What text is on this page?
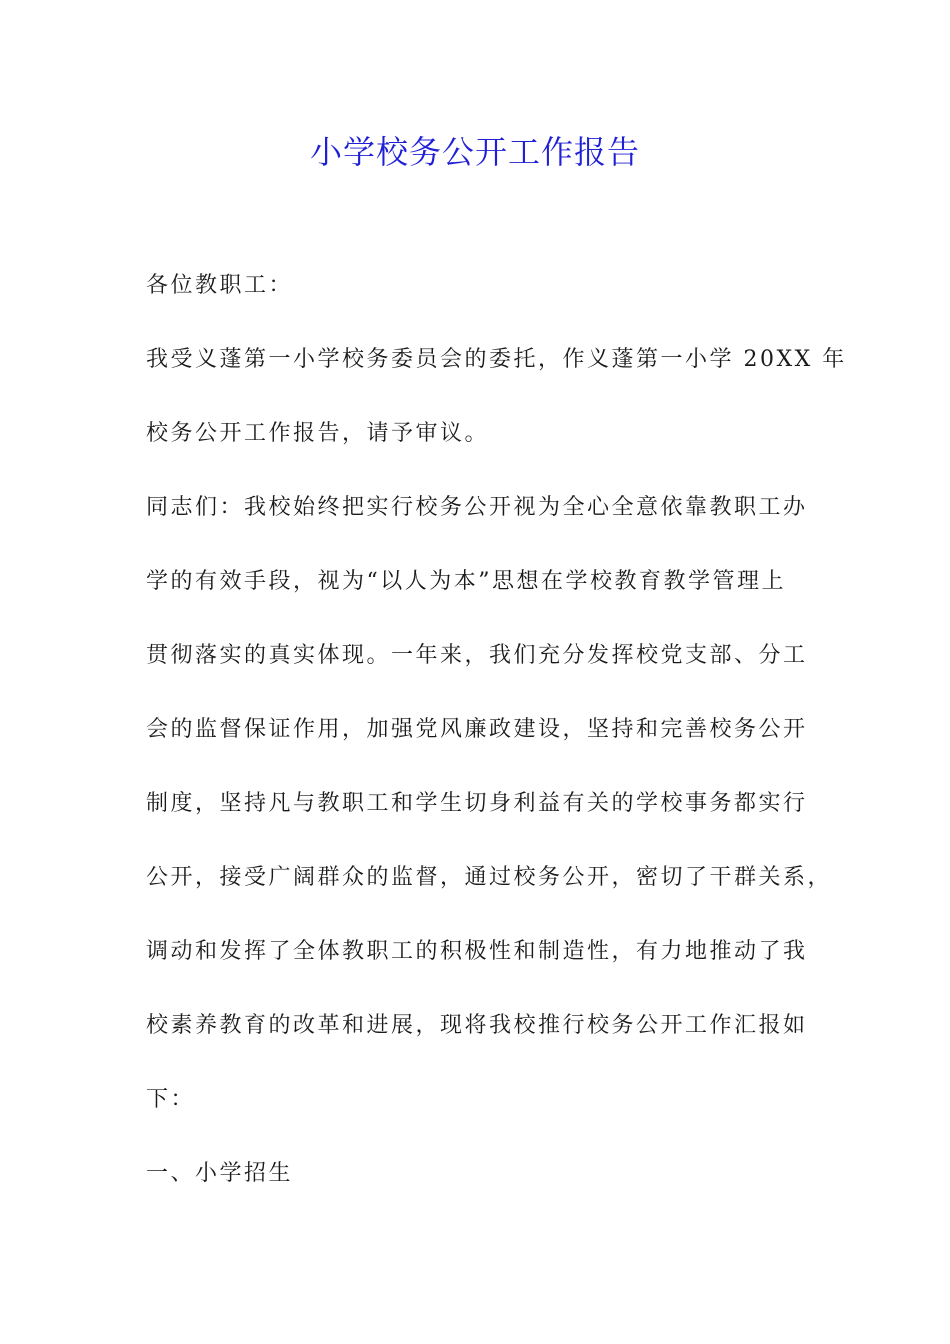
小学校务公开工作报告
各位教职工：
我受义蓬第一小学校务委员会的委托，作义蓬第一小学 20XX 年
校务公开工作报告，请予审议。
同志们：我校始终把实行校务公开视为全心全意依靠教职工办
学的有效手段，视为“以人为本”思想在学校教育教学管理上
贯彻落实的真实体现。一年来，我们充分发挥校党支部、分工
会的监督保证作用，加强党风廉政建设，坚持和完善校务公开
制度，坚持凡与教职工和学生切身利益有关的学校事务都实行
公开，接受广阔群众的监督，通过校务公开，密切了干群关系，
调动和发挥了全体教职工的积极性和制造性，有力地推动了我
校素养教育的改革和进展，现将我校推行校务公开工作汇报如
下：
一、小学招生
